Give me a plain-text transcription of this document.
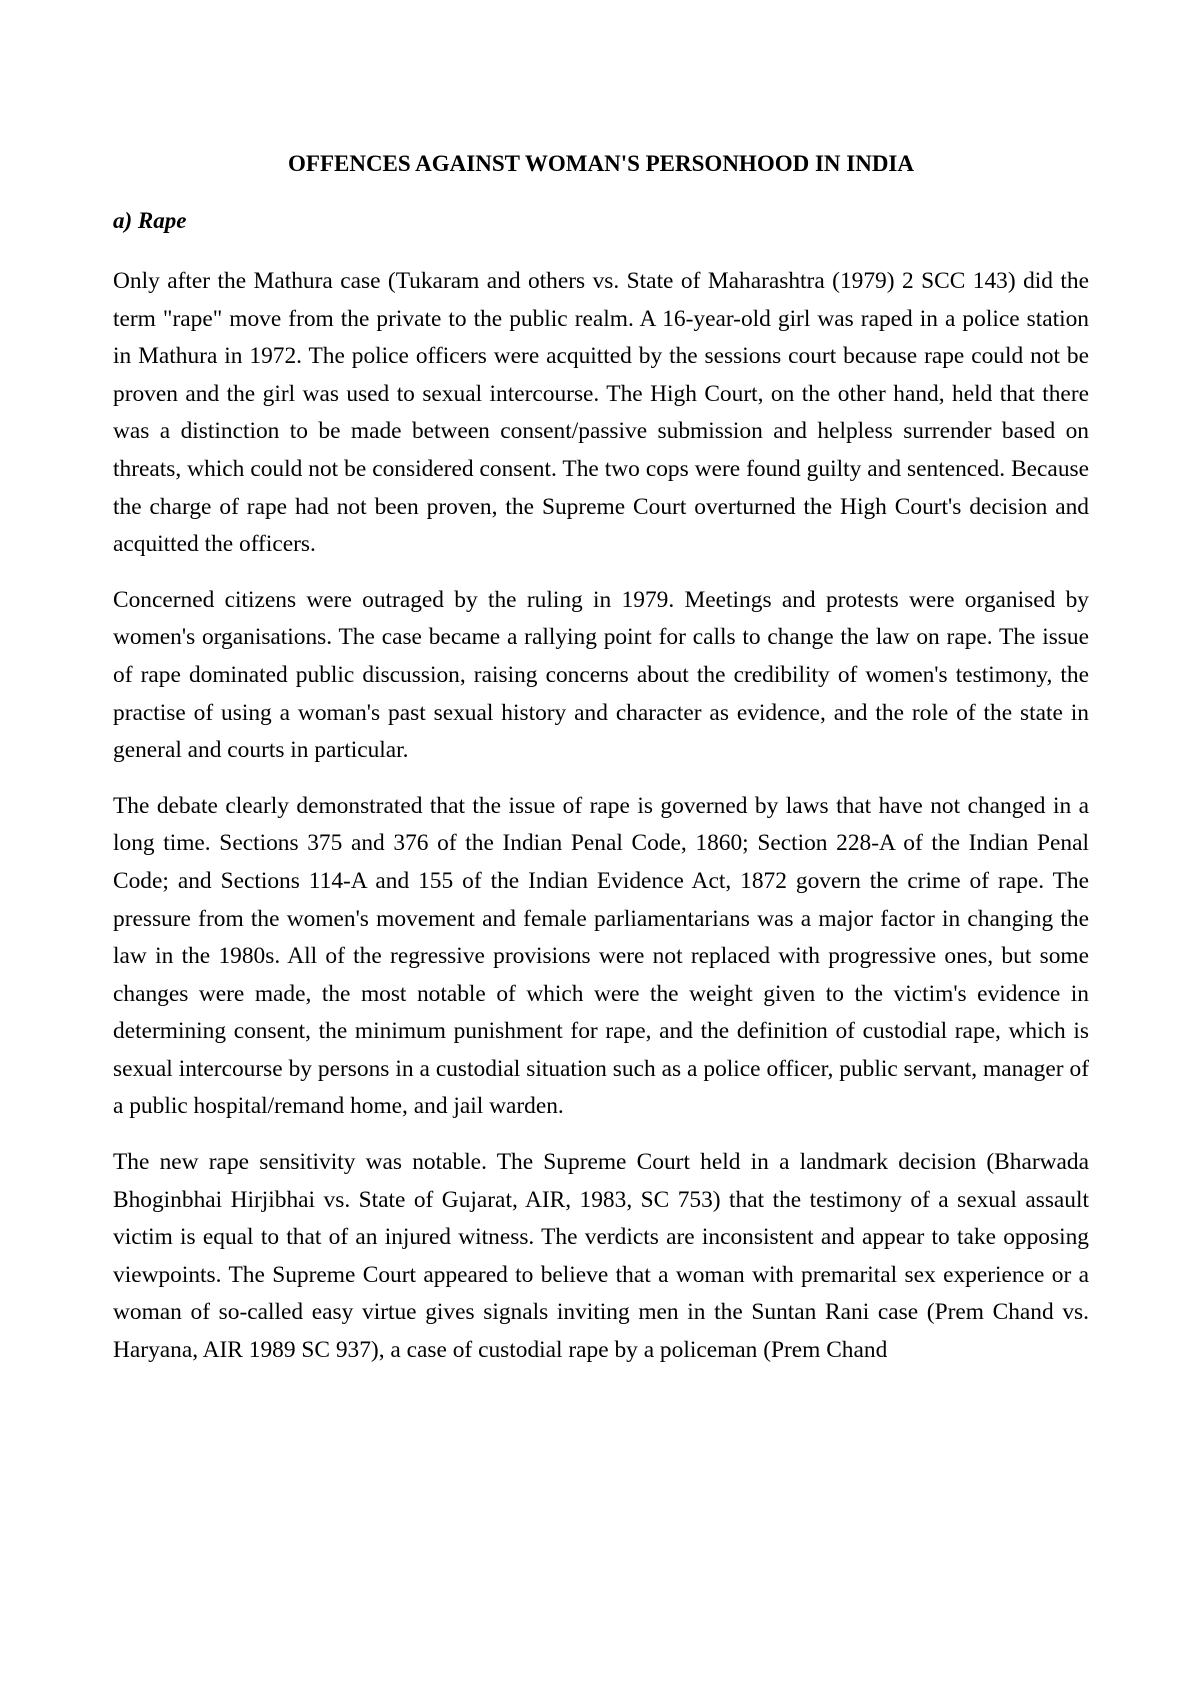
OFFENCES AGAINST WOMAN'S PERSONHOOD IN INDIA
a) Rape

Only after the Mathura case (Tukaram and others vs. State of Maharashtra (1979) 2 SCC 143) did the term "rape" move from the private to the public realm. A 16-year-old girl was raped in a police station in Mathura in 1972. The police officers were acquitted by the sessions court because rape could not be proven and the girl was used to sexual intercourse. The High Court, on the other hand, held that there was a distinction to be made between consent/passive submission and helpless surrender based on threats, which could not be considered consent. The two cops were found guilty and sentenced. Because the charge of rape had not been proven, the Supreme Court overturned the High Court's decision and acquitted the officers.

Concerned citizens were outraged by the ruling in 1979. Meetings and protests were organised by women's organisations. The case became a rallying point for calls to change the law on rape. The issue of rape dominated public discussion, raising concerns about the credibility of women's testimony, the practise of using a woman's past sexual history and character as evidence, and the role of the state in general and courts in particular.

The debate clearly demonstrated that the issue of rape is governed by laws that have not changed in a long time. Sections 375 and 376 of the Indian Penal Code, 1860; Section 228-A of the Indian Penal Code; and Sections 114-A and 155 of the Indian Evidence Act, 1872 govern the crime of rape. The pressure from the women's movement and female parliamentarians was a major factor in changing the law in the 1980s. All of the regressive provisions were not replaced with progressive ones, but some changes were made, the most notable of which were the weight given to the victim's evidence in determining consent, the minimum punishment for rape, and the definition of custodial rape, which is sexual intercourse by persons in a custodial situation such as a police officer, public servant, manager of a public hospital/remand home, and jail warden.

The new rape sensitivity was notable. The Supreme Court held in a landmark decision (Bharwada Bhoginbhai Hirjibhai vs. State of Gujarat, AIR, 1983, SC 753) that the testimony of a sexual assault victim is equal to that of an injured witness. The verdicts are inconsistent and appear to take opposing viewpoints. The Supreme Court appeared to believe that a woman with premarital sex experience or a woman of so-called easy virtue gives signals inviting men in the Suntan Rani case (Prem Chand vs. Haryana, AIR 1989 SC 937), a case of custodial rape by a policeman (Prem Chand
